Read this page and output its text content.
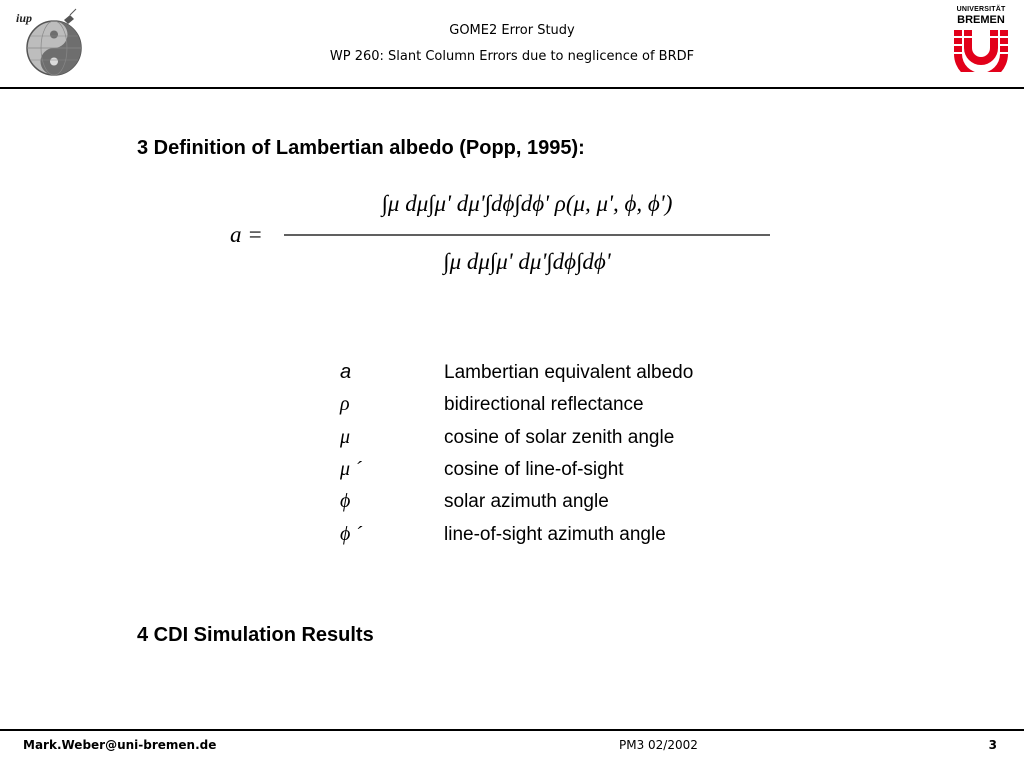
iup
GOME2 Error Study
WP 260: Slant Column Errors due to neglicence of BRDF
UNIVERSITÄT
BREMEN
3 Definition of Lambertian albedo (Popp, 1995):
a =
∫μ dμ∫μ' dμ'∫dϕ∫dϕ' ρ(μ, μ', ϕ, ϕ')
∫μ dμ∫μ' dμ'∫dϕ∫dϕ'
a	Lambertian equivalent albedo
ρ	bidirectional reflectance
μ	cosine of solar zenith angle
μ ´	cosine of line-of-sight
ϕ	solar azimuth angle
ϕ ´	line-of-sight azimuth angle
4 CDI Simulation Results
Mark.Weber@uni-bremen.de	PM3 02/2002	3
